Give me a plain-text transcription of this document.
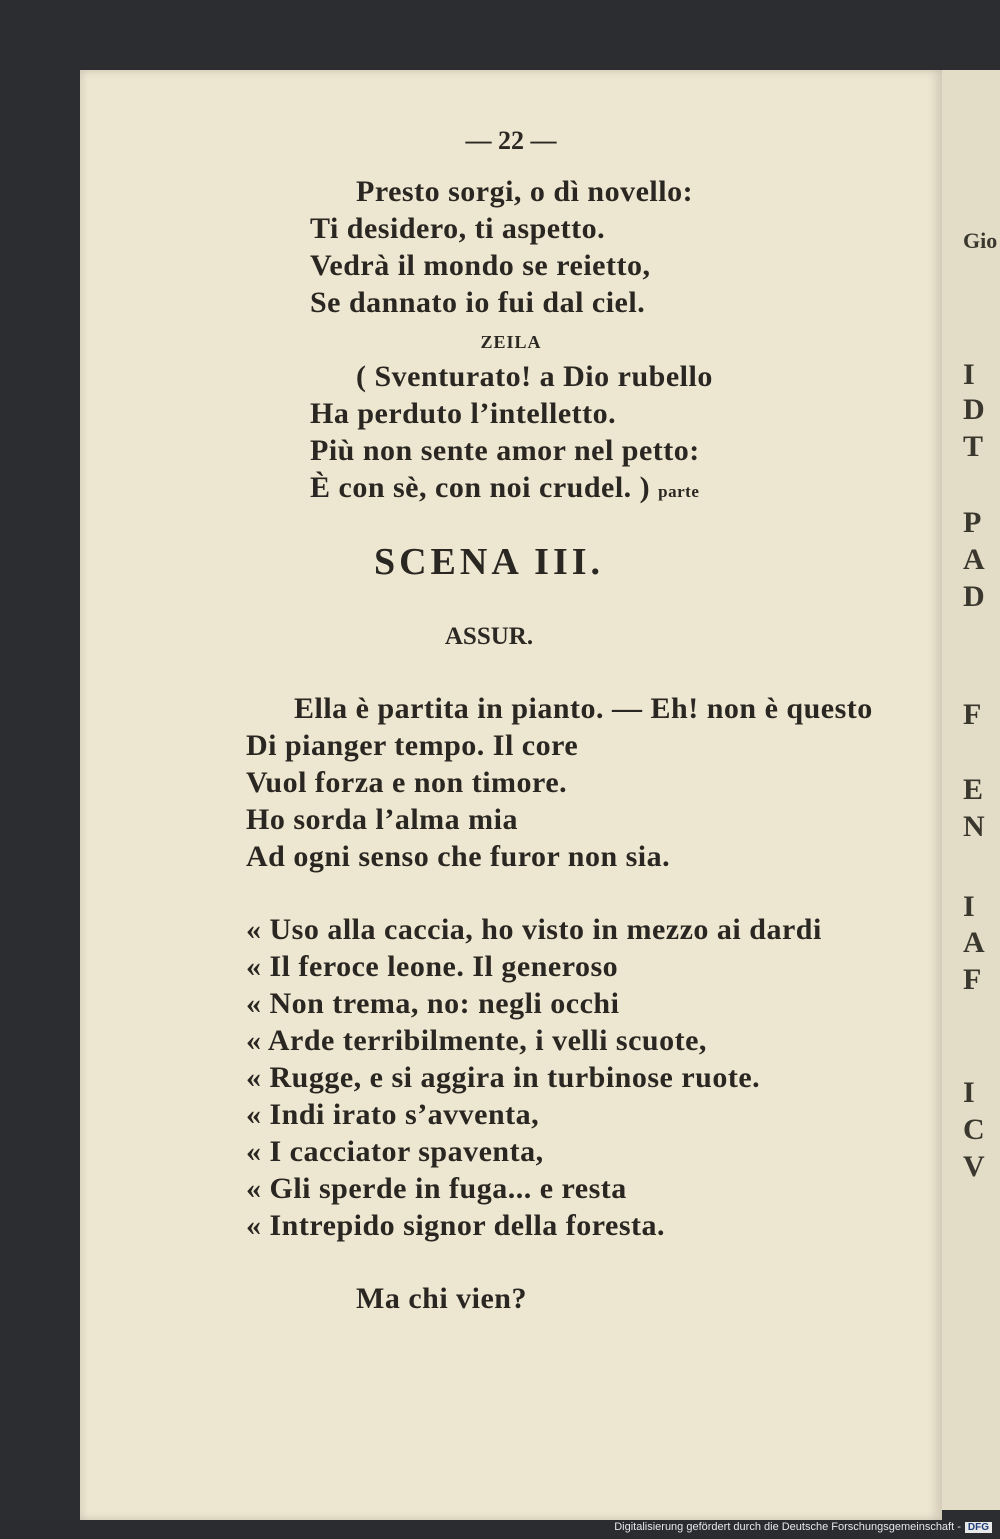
Gio
I
D
T
P
A
D
F
E
N
I
A
F
I
C
V

— 22 —

Presto sorgi, o dì novello:

Ti desidero, ti aspetto.

Vedrà il mondo se reietto,

Se dannato io fui dal ciel.

ZEILA

( Sventurato! a Dio rubello

Ha perduto l’intelletto.

Più non sente amor nel petto:

È con sè, con noi crudel. ) parte

SCENA III.

ASSUR.

Ella è partita in pianto. — Eh! non è questo

Di pianger tempo. Il core

Vuol forza e non timore.

Ho sorda l’alma mia

Ad ogni senso che furor non sia.

« Uso alla caccia, ho visto in mezzo ai dardi

« Il feroce leone. Il generoso

« Non trema, no: negli occhi

« Arde terribilmente, i velli scuote,

« Rugge, e si aggira in turbinose ruote.

« Indi irato s’avventa,

« I cacciator spaventa,

« Gli sperde in fuga... e resta

« Intrepido signor della foresta.

Ma chi vien?

Digitalisierung gefördert durch die Deutsche Forschungsgemeinschaft - DFG
